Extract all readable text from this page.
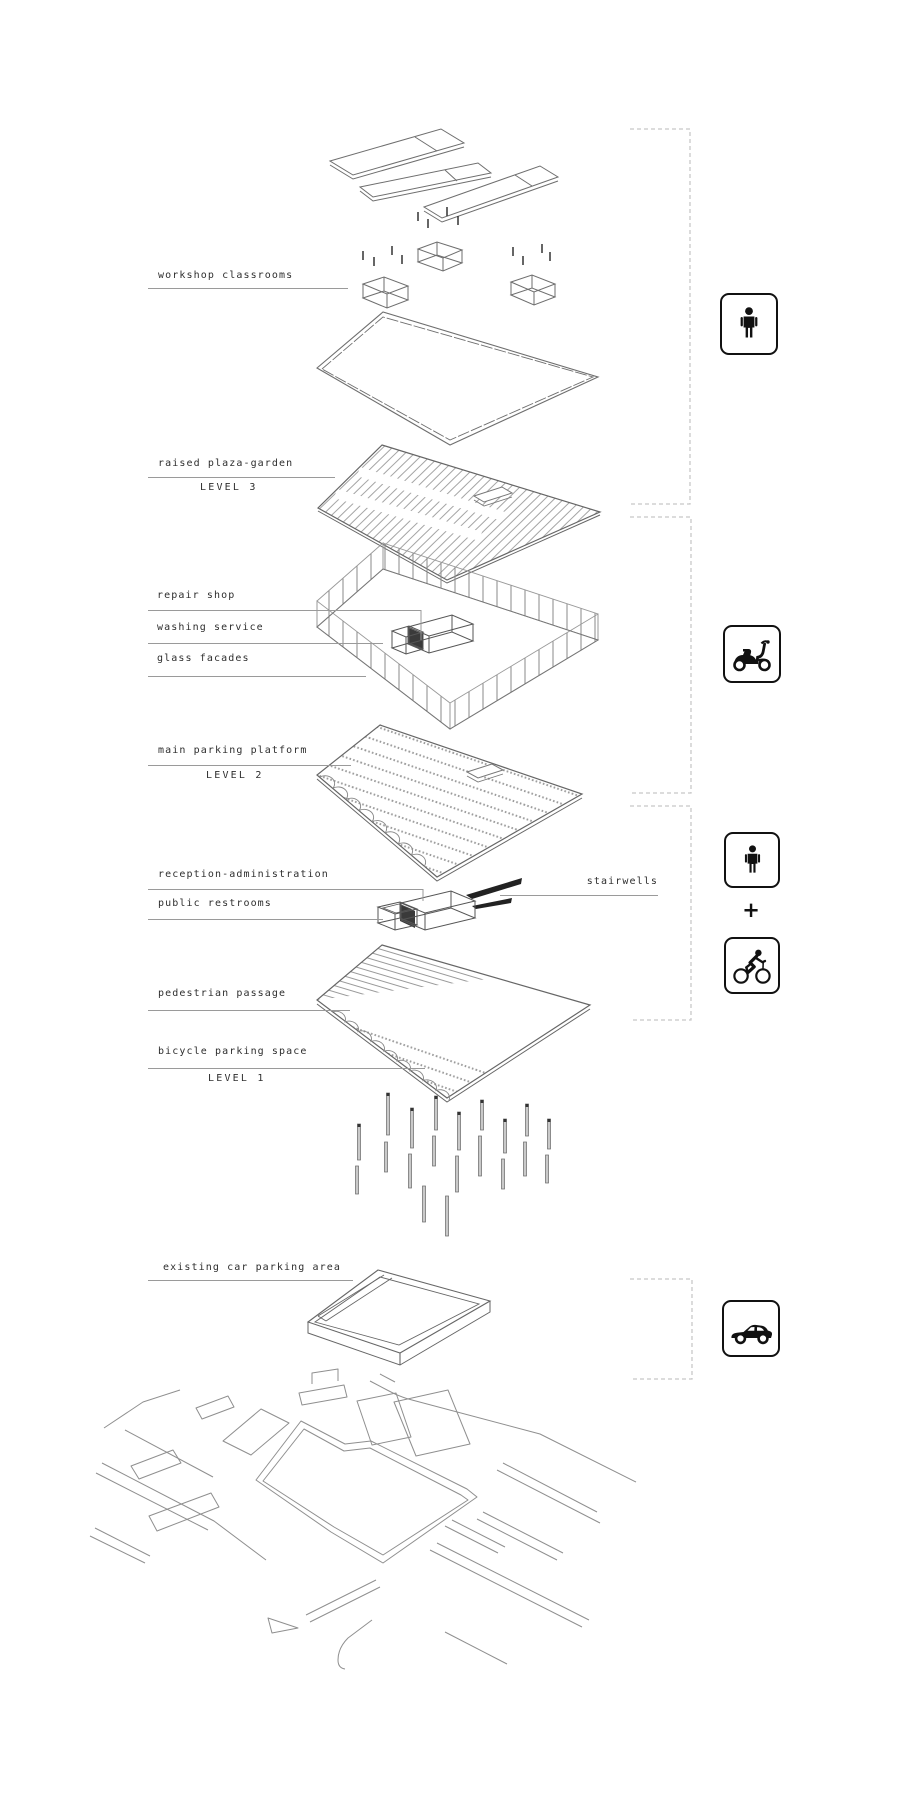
workshop classrooms
raised plaza-garden
LEVEL 3
repair shop
washing service
glass facades
main parking platform
LEVEL 2
reception-administration
public restrooms
stairwells
pedestrian passage
bicycle parking space
LEVEL 1
existing car parking area
+
